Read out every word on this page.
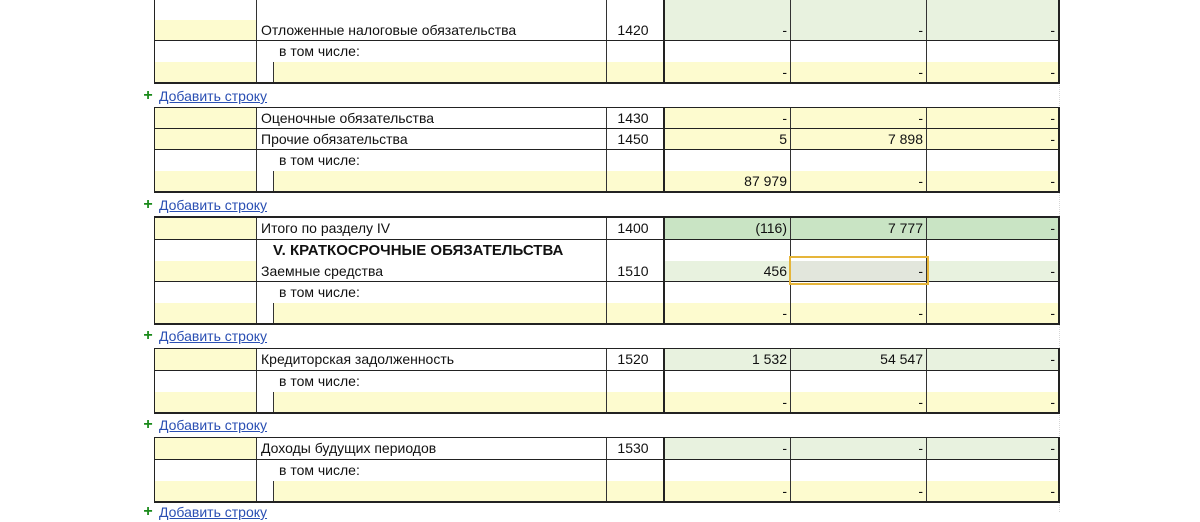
Отложенные налоговые обязательства	1420	-	-	-
в том числе:
-	-	-
+ Добавить строку
Оценочные обязательства	1430	-	-	-
Прочие обязательства	1450	5	7 898	-
в том числе:
87 979	-	-
+ Добавить строку
Итого по разделу IV	1400	(116)	7 777	-
V. КРАТКОСРОЧНЫЕ ОБЯЗАТЕЛЬСТВА
Заемные средства	1510	456	-	-
в том числе:
-	-	-
+ Добавить строку
Кредиторская задолженность	1520	1 532	54 547	-
в том числе:
-	-	-
+ Добавить строку
Доходы будущих периодов	1530	-	-	-
в том числе:
-	-	-
+ Добавить строку
